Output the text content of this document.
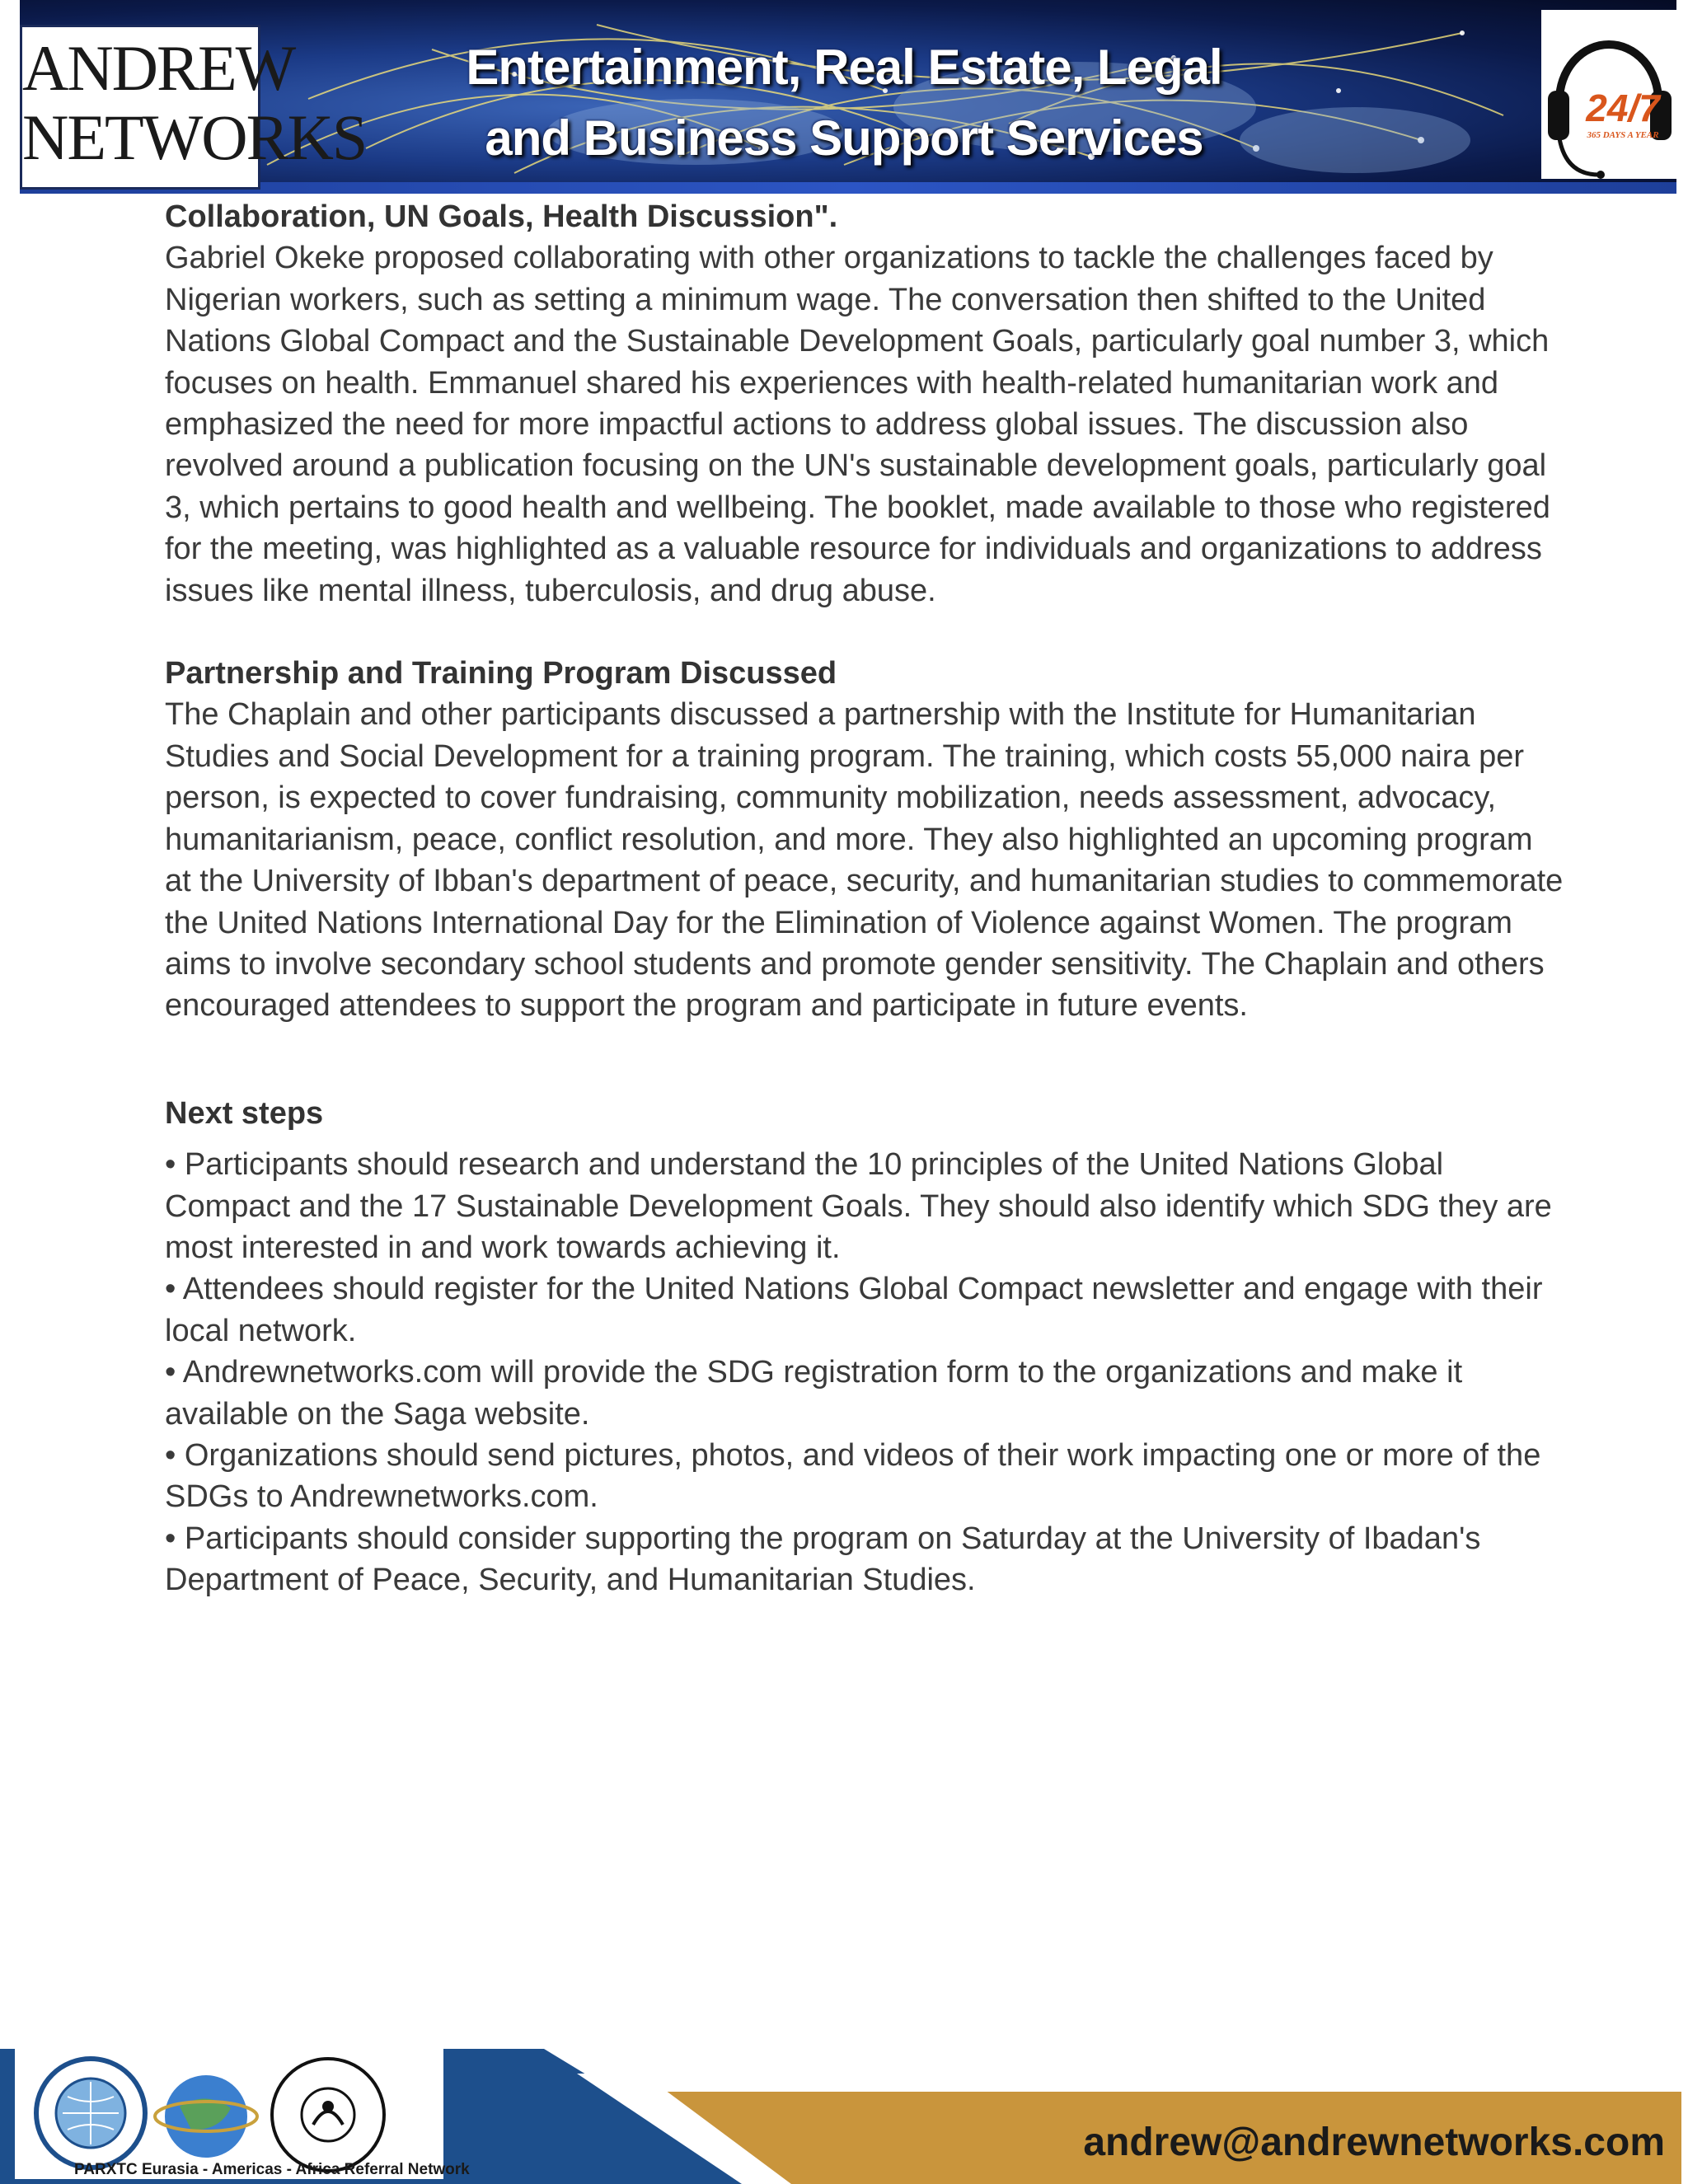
ANDREW
NETWORKS
Entertainment, Real Estate, Legal
and Business Support Services
24/7
365 DAYS A YEAR

Collaboration, UN Goals, Health Discussion".

Gabriel Okeke proposed collaborating with other organizations to tackle the challenges faced by Nigerian workers, such as setting a minimum wage. The conversation then shifted to the United Nations Global Compact and the Sustainable Development Goals, particularly goal number 3, which focuses on health. Emmanuel shared his experiences with health-related humanitarian work and emphasized the need for more impactful actions to address global issues. The discussion also revolved around a publication focusing on the UN's sustainable development goals, particularly goal 3, which pertains to good health and wellbeing. The booklet, made available to those who registered for the meeting, was highlighted as a valuable resource for individuals and organizations to address issues like mental illness, tuberculosis, and drug abuse.

Partnership and Training Program Discussed

The Chaplain and other participants discussed a partnership with the Institute for Humanitarian Studies and Social Development for a training program. The training, which costs 55,000 naira per person, is expected to cover fundraising, community mobilization, needs assessment, advocacy, humanitarianism, peace, conflict resolution, and more. They also highlighted an upcoming program at the University of Ibban's department of peace, security, and humanitarian studies to commemorate the United Nations International Day for the Elimination of Violence against Women. The program aims to involve secondary school students and promote gender sensitivity. The Chaplain and others encouraged attendees to support the program and participate in future events.

Next steps

• Participants should research and understand the 10 principles of the United Nations Global Compact and the 17 Sustainable Development Goals. They should also identify which SDG they are most interested in and work towards achieving it.

• Attendees should register for the United Nations Global Compact newsletter and engage with their local network.

• Andrewnetworks.com will provide the SDG registration form to the organizations and make it available on the Saga website.

• Organizations should send pictures, photos, and videos of their work impacting one or more of the SDGs to Andrewnetworks.com.

• Participants should consider supporting the program on Saturday at the University of Ibadan's Department of Peace, Security, and Humanitarian Studies.

PARXTC Eurasia - Americas - Africa Referral Network
andrew@andrewnetworks.com
